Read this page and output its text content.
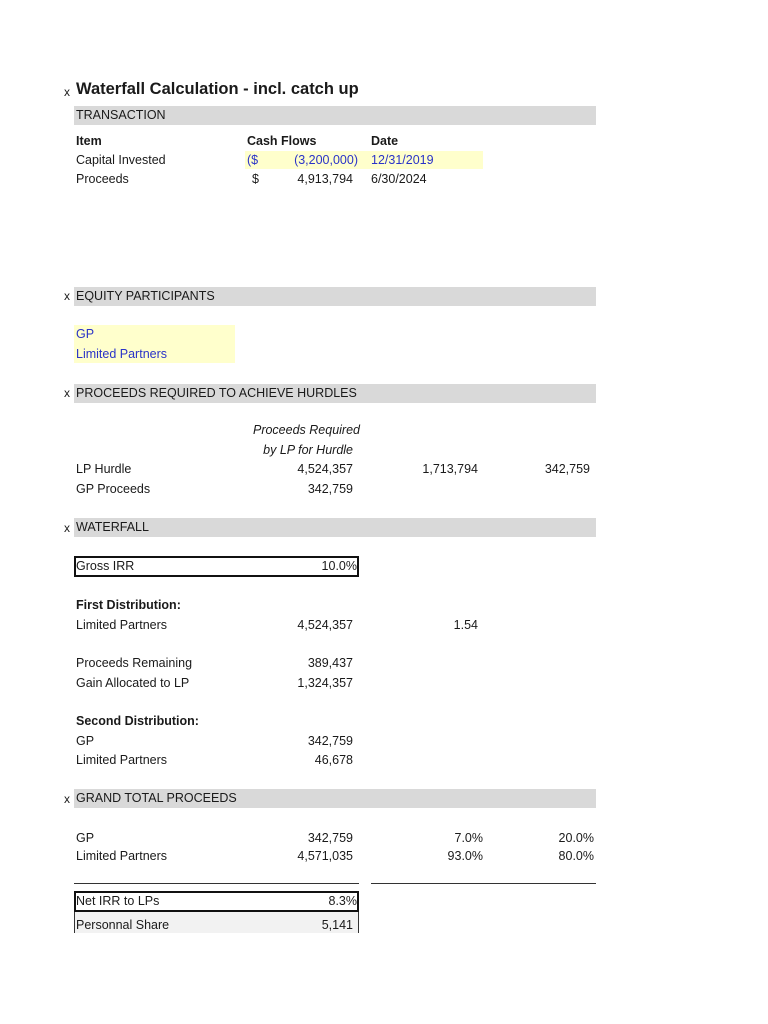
x Waterfall Calculation - incl. catch up
TRANSACTION
Item	Cash Flows	Date
Capital Invested	($	(3,200,000) 12/31/2019
Proceeds	$	4,913,794 6/30/2024
x EQUITY PARTICIPANTS
GP
Limited Partners
x PROCEEDS REQUIRED TO ACHIEVE HURDLES
Proceeds Required
by LP for Hurdle
LP Hurdle	4,524,357	1,713,794	342,759
GP Proceeds	342,759
x WATERFALL
Gross IRR	10.0%
First Distribution:
Limited Partners	4,524,357	1.54
Proceeds Remaining	389,437
Gain Allocated to LP	1,324,357
Second Distribution:
GP	342,759
Limited Partners	46,678
x GRAND TOTAL PROCEEDS
GP	342,759	7.0%	20.0%
Limited Partners	4,571,035	93.0%	80.0%
Net IRR to LPs	8.3%
Personnal Share	5,141
